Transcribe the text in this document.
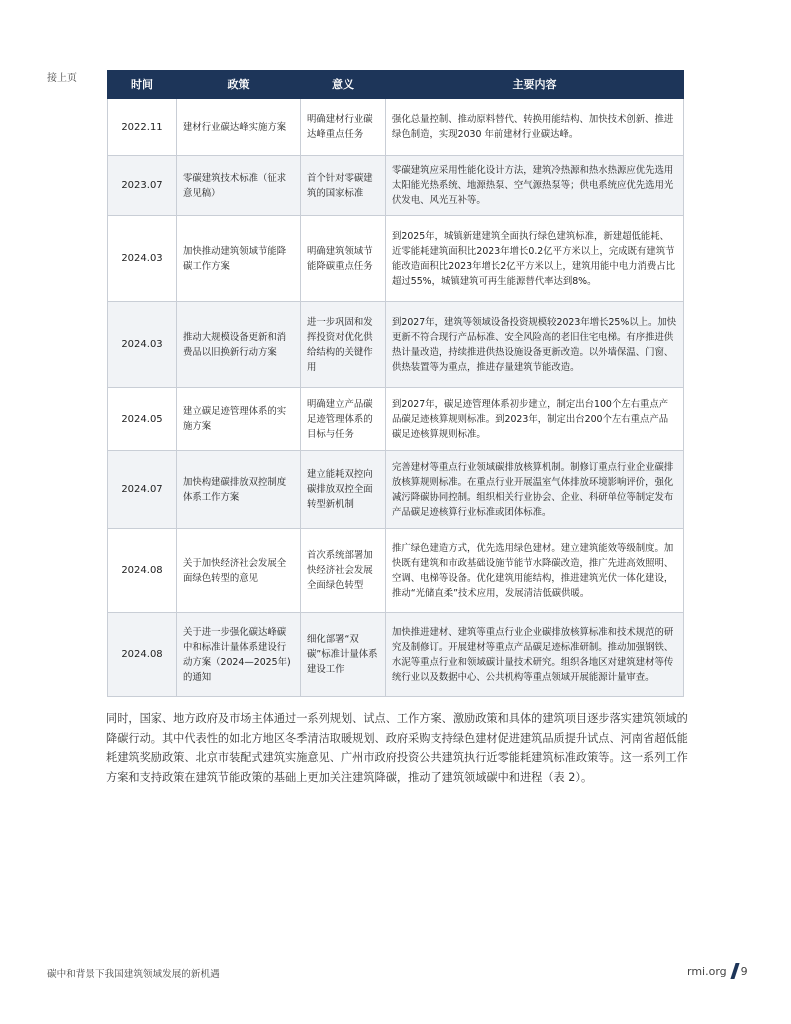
接上页	时间	政策	意义	主要内容
2022.11	建材行业碳达峰实施方案	明确建材行业碳达峰重点任务	强化总量控制、推动原料替代、转换用能结构、加快技术创新、推进绿色制造，实现2030 年前建材行业碳达峰。
2023.07	零碳建筑技术标准（征求意见稿）	首个针对零碳建筑的国家标准	零碳建筑应采用性能化设计方法，建筑冷热源和热水热源应优先选用太阳能光热系统、地源热泵、空气源热泵等；供电系统应优先选用光伏发电、风光互补等。
2024.03	加快推动建筑领域节能降碳工作方案	明确建筑领域节能降碳重点任务	到2025年，城镇新建建筑全面执行绿色建筑标准，新建超低能耗、近零能耗建筑面积比2023年增长0.2亿平方米以上，完成既有建筑节能改造面积比2023年增长2亿平方米以上，建筑用能中电力消费占比超过55%，城镇建筑可再生能源替代率达到8%。
2024.03	推动大规模设备更新和消费品以旧换新行动方案	进一步巩固和发挥投资对优化供给结构的关键作用	到2027年，建筑等领域设备投资规模较2023年增长25%以上。加快更新不符合现行产品标准、安全风险高的老旧住宅电梯。有序推进供热计量改造，持续推进供热设施设备更新改造。以外墙保温、门窗、供热装置等为重点，推进存量建筑节能改造。
2024.05	建立碳足迹管理体系的实施方案	明确建立产品碳足迹管理体系的目标与任务	到2027年，碳足迹管理体系初步建立，制定出台100个左右重点产品碳足迹核算规则标准。到2023年，制定出台200个左右重点产品碳足迹核算规则标准。
2024.07	加快构建碳排放双控制度体系工作方案	建立能耗双控向碳排放双控全面转型新机制	完善建材等重点行业领域碳排放核算机制。制修订重点行业企业碳排放核算规则标准。在重点行业开展温室气体排放环境影响评价，强化减污降碳协同控制。组织相关行业协会、企业、科研单位等制定发布产品碳足迹核算行业标准或团体标准。
2024.08	关于加快经济社会发展全面绿色转型的意见	首次系统部署加快经济社会发展全面绿色转型	推广绿色建造方式，优先选用绿色建材。建立建筑能效等级制度。加快既有建筑和市政基础设施节能节水降碳改造，推广先进高效照明、空调、电梯等设备。优化建筑用能结构，推进建筑光伏一体化建设，推动“光储直柔”技术应用，发展清洁低碳供暖。
2024.08	关于进一步强化碳达峰碳中和标准计量体系建设行动方案（2024—2025年)的通知	细化部署“双碳”标准计量体系建设工作	加快推进建材、建筑等重点行业企业碳排放核算标准和技术规范的研究及制修订。开展建材等重点产品碳足迹标准研制。推动加强钢铁、水泥等重点行业和领域碳计量技术研究。组织各地区对建筑建材等传统行业以及数据中心、公共机构等重点领域开展能源计量审查。

同时，国家、地方政府及市场主体通过一系列规划、试点、工作方案、激励政策和具体的建筑项目逐步落实建筑领域的降碳行动。其中代表性的如北方地区冬季清洁取暖规划、政府采购支持绿色建材促进建筑品质提升试点、河南省超低能耗建筑奖励政策、北京市装配式建筑实施意见、广州市政府投资公共建筑执行近零能耗建筑标准政策等。这一系列工作方案和支持政策在建筑节能政策的基础上更加关注建筑降碳，推动了建筑领域碳中和进程（表 2）。

碳中和背景下我国建筑领域发展的新机遇	rmi.org 9
